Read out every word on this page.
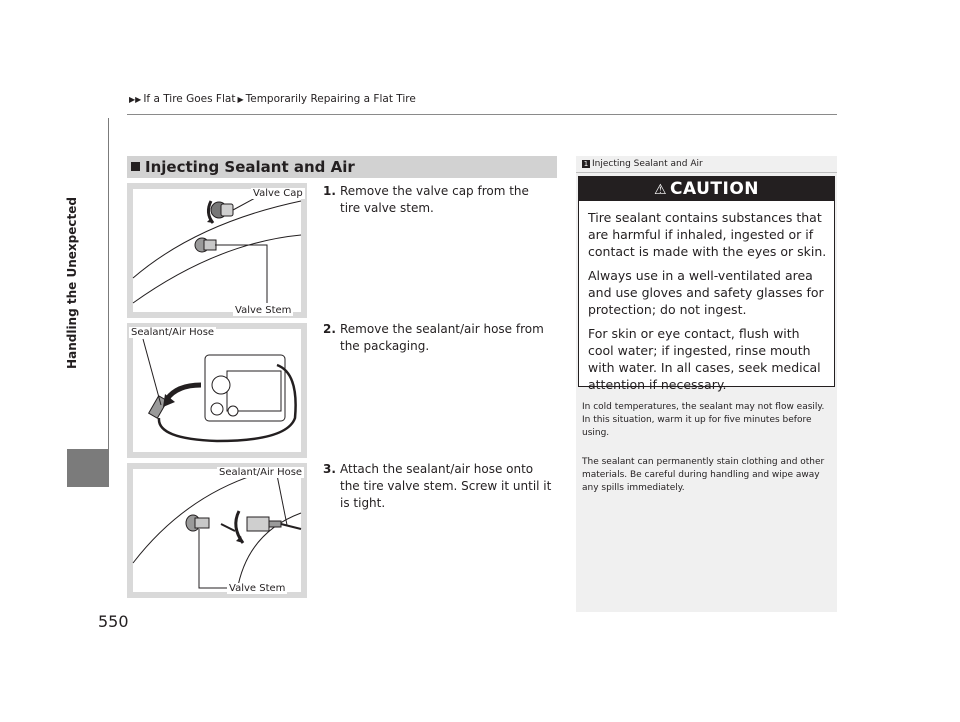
▶▶ If a Tire Goes Flat ▶ Temporarily Repairing a Flat Tire
Handling the Unexpected
Injecting Sealant and Air
Valve Cap
Valve Stem
Sealant/Air Hose
Sealant/Air Hose
Valve Stem
1. Remove the valve cap from the tire valve stem.
2. Remove the sealant/air hose from the packaging.
3. Attach the sealant/air hose onto the tire valve stem. Screw it until it is tight.
1 Injecting Sealant and Air
⚠ CAUTION

Tire sealant contains substances that are harmful if inhaled, ingested or if contact is made with the eyes or skin.

Always use in a well-ventilated area and use gloves and safety glasses for protection; do not ingest.

For skin or eye contact, flush with cool water; if ingested, rinse mouth with water. In all cases, seek medical attention if necessary.

In cold temperatures, the sealant may not flow easily. In this situation, warm it up for five minutes before using.
The sealant can permanently stain clothing and other materials. Be careful during handling and wipe away any spills immediately.
550
